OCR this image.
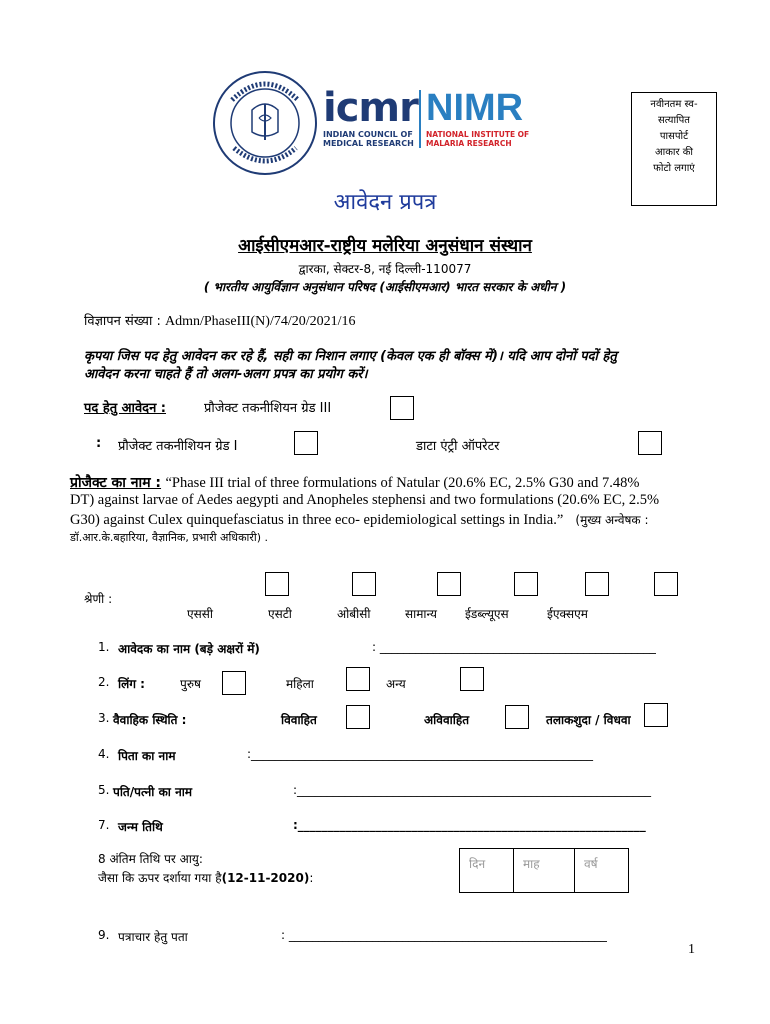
icmr
INDIAN COUNCIL OF
MEDICAL RESEARCH
NIMR
NATIONAL INSTITUTE OF
MALARIA RESEARCH
नवीनतम स्व-
सत्यापित
पासपोर्ट
आकार की
फोटो लगाएं
आवेदन प्रपत्र
आईसीएमआर-राष्ट्रीय मलेरिया अनुसंधान संस्थान
द्वारका, सेक्टर-8, नई दिल्ली-110077
( भारतीय आयुर्विज्ञान अनुसंधान परिषद (आईसीएमआर) भारत सरकार के अधीन )
विज्ञापन संख्या : Admn/PhaseIII(N)/74/20/2021/16
कृपया जिस पद हेतु आवेदन कर रहे हैं, सही का निशान लगाए (केवल एक ही बॉक्स में)। यदि आप दोनों पदों हेतु
आवेदन करना चाहते हैं तो अलग-अलग प्रपत्र का प्रयोग करें।
पद हेतु आवेदन :	प्रौजेक्ट तकनीशियन ग्रेड III
: प्रौजेक्ट तकनीशियन ग्रेड I	डाटा एंट्री ऑपरेटर
प्रोजैक्ट का नाम : “Phase III trial of three formulations of Natular (20.6% EC, 2.5% G30 and 7.48%
DT) against larvae of Aedes aegypti and Anopheles stephensi and two formulations (20.6% EC, 2.5%
G30) against Culex quinquefasciatus in three eco- epidemiological settings in India.” (मुख्य अन्वेषक :
डॉ.आर.के.बहारिया, वैज्ञानिक, प्रभारी अधिकारी) .
श्रेणी :
एससी	एसटी	ओबीसी	सामान्य ईडब्ल्यूएस	ईएक्सएम
1. आवेदक का नाम (बड़े अक्षरों में)	: ______________________________________________
2. लिंग :	पुरुष	महिला	अन्य
3. वैवाहिक स्थिति :	विवाहित	अविवाहित	तलाकशुदा / विधवा
4. पिता का नाम	:_________________________________________________________
5. पति/पत्नी का नाम	:___________________________________________________________
7. जन्म तिथि	:__________________________________________________________
8 अंतिम तिथि पर आयु:
जैसा कि ऊपर दर्शाया गया है(12-11-2020):
दिन	माह	वर्ष
9. पत्राचार हेतु पता	: _____________________________________________________
1
